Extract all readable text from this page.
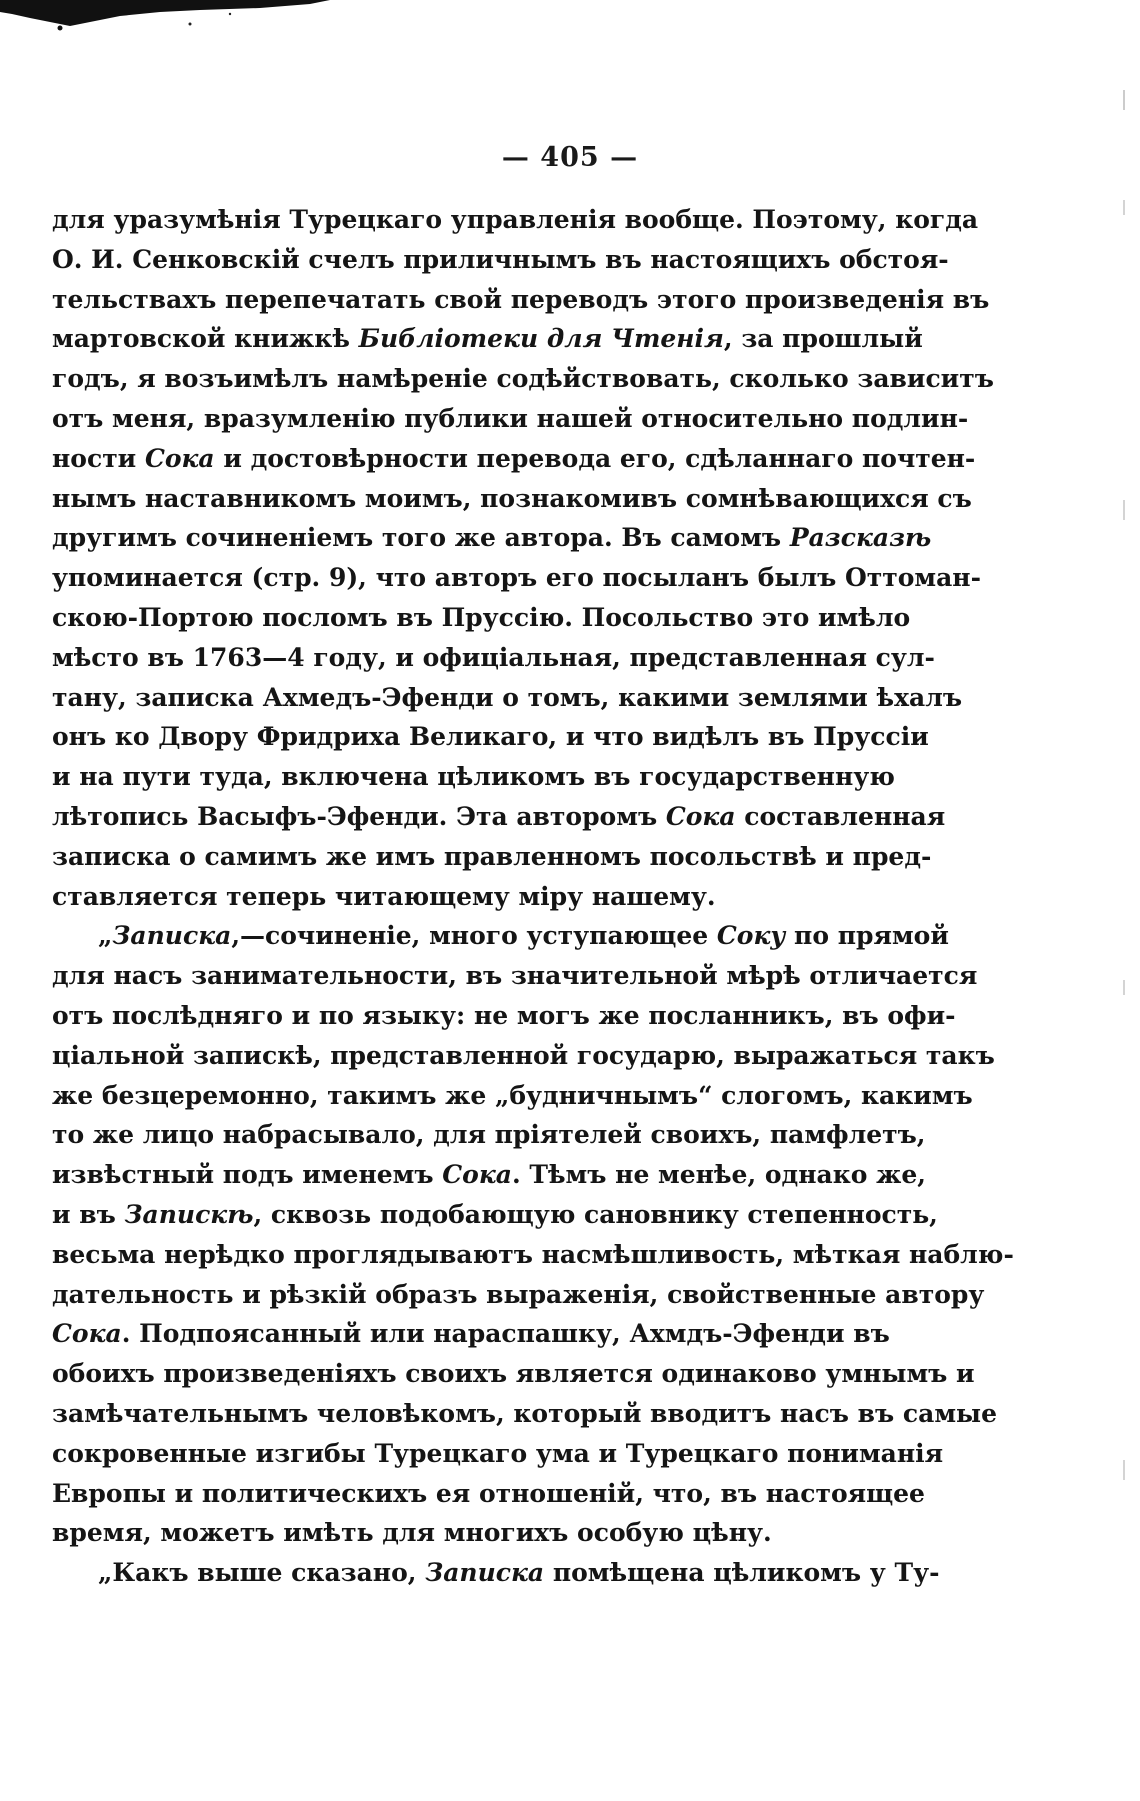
— 405 —
для уразумѣнія Турецкаго управленія вообще. Поэтому, когда
О. И. Сенковскій счелъ приличнымъ въ настоящихъ обстоя-
тельствахъ перепечатать свой переводъ этого произведенія въ
мартовской книжкѣ Библіотеки для Чтенія, за прошлый
годъ, я возъимѣлъ намѣреніе содѣйствовать, сколько зависитъ
отъ меня, вразумленію публики нашей относительно подлин-
ности Сока и достовѣрности перевода его, сдѣланнаго почтен-
нымъ наставникомъ моимъ, познакомивъ сомнѣвающихся съ
другимъ сочиненіемъ того же автора. Въ самомъ Разсказѣ
упоминается (стр. 9), что авторъ его посыланъ былъ Оттоман-
скою-Портою посломъ въ Пруссію. Посольство это имѣло
мѣсто въ 1763—4 году, и офиціальная, представленная сул-
тану, записка Ахмедъ-Эфенди о томъ, какими землями ѣхалъ
онъ ко Двору Фридриха Великаго, и что видѣлъ въ Пруссіи
и на пути туда, включена цѣликомъ въ государственную
лѣтопись Васыфъ-Эфенди. Эта авторомъ Сока составленная
записка о самимъ же имъ правленномъ посольствѣ и пред-
ставляется теперь читающему міру нашему.
„Записка,—сочиненіе, много уступающее Соку по прямой
для насъ занимательности, въ значительной мѣрѣ отличается
отъ послѣдняго и по языку: не могъ же посланникъ, въ офи-
ціальной запискѣ, представленной государю, выражаться такъ
же безцеремонно, такимъ же „будничнымъ“ слогомъ, какимъ
то же лицо набрасывало, для пріятелей своихъ, памфлетъ,
извѣстный подъ именемъ Сока. Тѣмъ не менѣе, однако же,
и въ Запискѣ, сквозь подобающую сановнику степенность,
весьма нерѣдко проглядываютъ насмѣшливость, мѣткая наблю-
дательность и рѣзкій образъ выраженія, свойственные автору
Сока. Подпоясанный или нараспашку, Ахмдъ-Эфенди въ
обоихъ произведеніяхъ своихъ является одинаково умнымъ и
замѣчательнымъ человѣкомъ, который вводитъ насъ въ самые
сокровенные изгибы Турецкаго ума и Турецкаго пониманія
Европы и политическихъ ея отношеній, что, въ настоящее
время, можетъ имѣть для многихъ особую цѣну.
„Какъ выше сказано, Записка помѣщена цѣликомъ у Ту-
